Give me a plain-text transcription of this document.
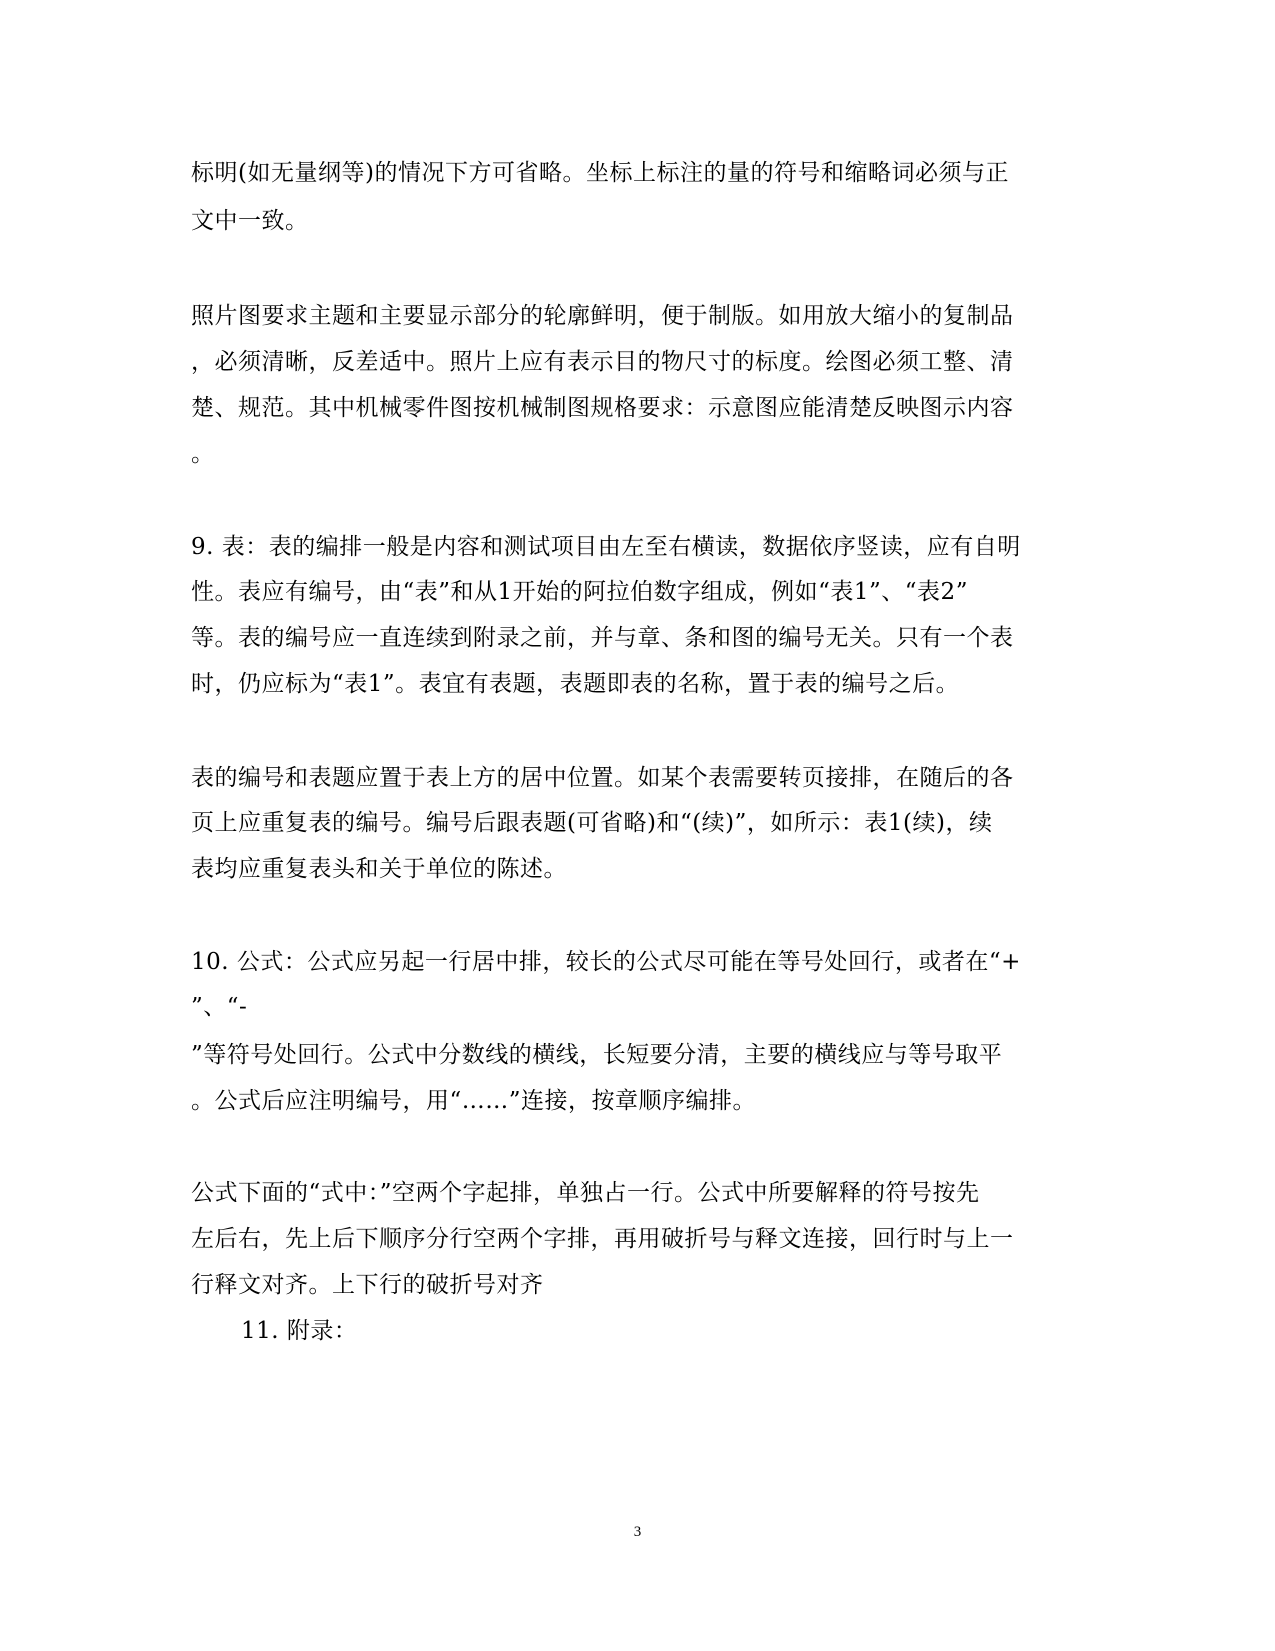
标明(如无量纲等)的情况下方可省略。坐标上标注的量的符号和缩略词必须与正
文中一致。
照片图要求主题和主要显示部分的轮廓鲜明，便于制版。如用放大缩小的复制品
，必须清晰，反差适中。照片上应有表示目的物尺寸的标度。绘图必须工整、清
楚、规范。其中机械零件图按机械制图规格要求：示意图应能清楚反映图示内容
。
9. 表：表的编排一般是内容和测试项目由左至右横读，数据依序竖读，应有自明
性。表应有编号，由“表”和从1开始的阿拉伯数字组成，例如“表1”、“表2”
等。表的编号应一直连续到附录之前，并与章、条和图的编号无关。只有一个表
时，仍应标为“表1”。表宜有表题，表题即表的名称，置于表的编号之后。
表的编号和表题应置于表上方的居中位置。如某个表需要转页接排，在随后的各
页上应重复表的编号。编号后跟表题(可省略)和“(续)”，如所示：表1(续)，续
表均应重复表头和关于单位的陈述。
10. 公式：公式应另起一行居中排，较长的公式尽可能在等号处回行，或者在“+
”、“-
”等符号处回行。公式中分数线的横线，长短要分清，主要的横线应与等号取平
。公式后应注明编号，用“……”连接，按章顺序编排。
公式下面的“式中：”空两个字起排，单独占一行。公式中所要解释的符号按先
左后右，先上后下顺序分行空两个字排，再用破折号与释文连接，回行时与上一
行释文对齐。上下行的破折号对齐
11. 附录：
3
